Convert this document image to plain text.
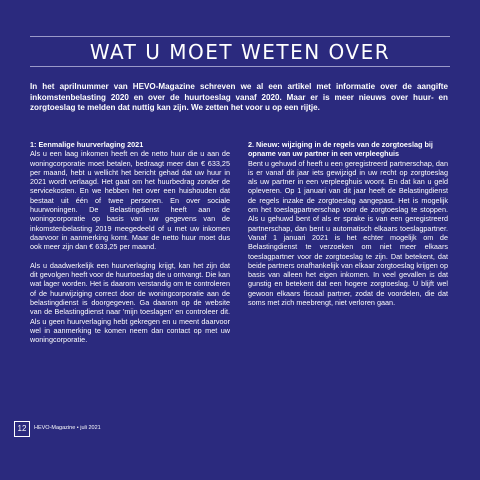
WAT U MOET WETEN OVER

In het aprilnummer van HEVO-Magazine schreven we al een artikel met informatie over de aangifte inkomstenbelasting 2020 en over de huurtoeslag vanaf 2020. Maar er is meer nieuws over huur- en zorgtoeslag te melden dat nuttig kan zijn. We zetten het voor u op een rijtje.

1: Eenmalige huurverlaging 2021

Als u een laag inkomen heeft en de netto huur die u aan de woningcorporatie moet betalen, bedraagt meer dan € 633,25 per maand, hebt u wellicht het bericht gehad dat uw huur in 2021 wordt verlaagd. Het gaat om het huurbedrag zonder de servicekosten. En we hebben het over een huishouden dat bestaat uit één of twee personen. En over sociale huurwoningen. De Belastingdienst heeft aan de woningcorporatie op basis van uw gegevens van de inkomstenbelasting 2019 meegedeeld of u met uw inkomen daarvoor in aanmerking komt. Maar de netto huur moet dus ook meer zijn dan € 633,25 per maand.

Als u daadwerkelijk een huurverlaging krijgt, kan het zijn dat dit gevolgen heeft voor de huurtoeslag die u ontvangt. Die kan wat lager worden. Het is daarom verstandig om te controleren of de huurwijziging correct door de woningcorporatie aan de belastingdienst is doorgegeven. Ga daarom op de website van de Belastingdienst naar 'mijn toeslagen' en controleer dit. Als u geen huurverlaging hebt gekregen en u meent daarvoor wel in aanmerking te komen neem dan contact op met uw woningcorporatie.

2. Nieuw: wijziging in de regels van de zorgtoeslag bij opname van uw partner in een verpleeghuis

Bent u gehuwd of heeft u een geregistreerd partnerschap, dan is er vanaf dit jaar iets gewijzigd in uw recht op zorgtoeslag als uw partner in een verpleeghuis woont. En dat kan u geld opleveren. Op 1 januari van dit jaar heeft de Belastingdienst de regels inzake de zorgtoeslag aangepast. Het is mogelijk om het toeslagpartnerschap voor de zorgtoeslag te stoppen. Als u gehuwd bent of als er sprake is van een geregistreerd partnerschap, dan bent u automatisch elkaars toeslagpartner. Vanaf 1 januari 2021 is het echter mogelijk om de Belastingdienst te verzoeken om niet meer elkaars toeslagpartner voor de zorgtoeslag te zijn. Dat betekent, dat beide partners onafhankelijk van elkaar zorgtoeslag krijgen op basis van alleen het eigen inkomen. In veel gevallen is dat gunstig en betekent dat een hogere zorgtoeslag. U blijft wel gewoon elkaars fiscaal partner, zodat de voordelen, die dat soms met zich meebrengt, niet verloren gaan.

12	HEVO-Magazine • juli 2021
